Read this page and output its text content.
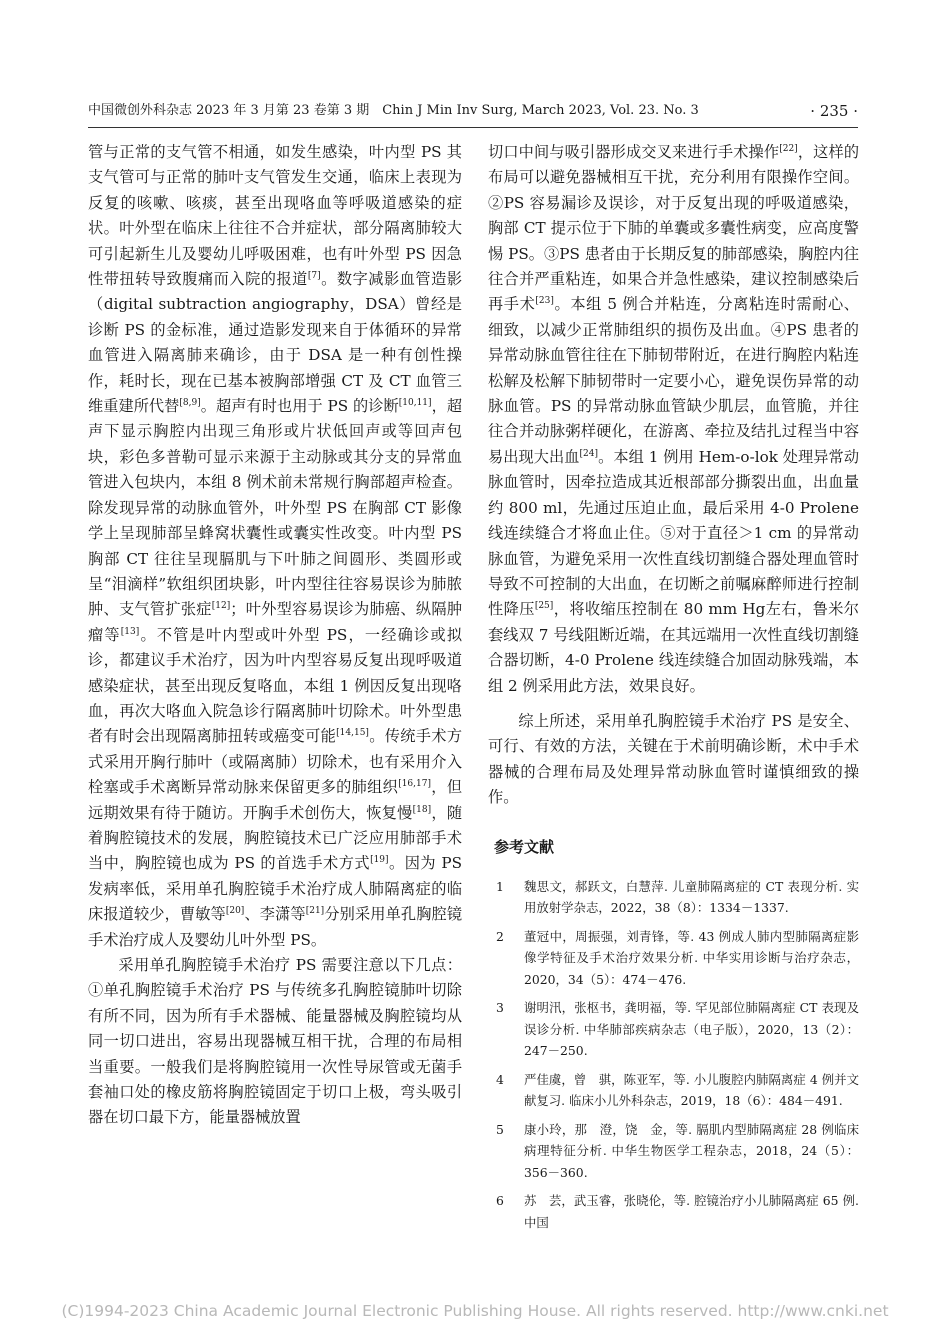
中国微创外科杂志 2023 年 3 月第 23 卷第 3 期　Chin J Min Inv Surg, March 2023, Vol. 23. No. 3	· 235 ·

管与正常的支气管不相通，如发生感染，叶内型 PS 其支气管可与正常的肺叶支气管发生交通，临床上表现为反复的咳嗽、咳痰，甚至出现咯血等呼吸道感染的症状。叶外型在临床上往往不合并症状，部分隔离肺较大可引起新生儿及婴幼儿呼吸困难，也有叶外型 PS 因急性带扭转导致腹痛而入院的报道[7]。数字减影血管造影（digital subtraction angiography，DSA）曾经是诊断 PS 的金标准，通过造影发现来自于体循环的异常血管进入隔离肺来确诊，由于 DSA 是一种有创性操作，耗时长，现在已基本被胸部增强 CT 及 CT 血管三维重建所代替[8,9]。超声有时也用于 PS 的诊断[10,11]，超声下显示胸腔内出现三角形或片状低回声或等回声包块，彩色多普勒可显示来源于主动脉或其分支的异常血管进入包块内，本组 8 例术前未常规行胸部超声检查。除发现异常的动脉血管外，叶外型 PS 在胸部 CT 影像学上呈现肺部呈蜂窝状囊性或囊实性改变。叶内型 PS 胸部 CT 往往呈现膈肌与下叶肺之间圆形、类圆形或呈“泪滴样”软组织团块影，叶内型往往容易误诊为肺脓肿、支气管扩张症[12]；叶外型容易误诊为肺癌、纵隔肿瘤等[13]。不管是叶内型或叶外型 PS，一经确诊或拟诊，都建议手术治疗，因为叶内型容易反复出现呼吸道感染症状，甚至出现反复咯血，本组 1 例因反复出现咯血，再次大咯血入院急诊行隔离肺叶切除术。叶外型患者有时会出现隔离肺扭转或癌变可能[14,15]。传统手术方式采用开胸行肺叶（或隔离肺）切除术，也有采用介入栓塞或手术离断异常动脉来保留更多的肺组织[16,17]，但远期效果有待于随访。开胸手术创伤大，恢复慢[18]，随着胸腔镜技术的发展，胸腔镜技术已广泛应用肺部手术当中，胸腔镜也成为 PS 的首选手术方式[19]。因为 PS 发病率低，采用单孔胸腔镜手术治疗成人肺隔离症的临床报道较少，曹敏等[20]、李潇等[21]分别采用单孔胸腔镜手术治疗成人及婴幼儿叶外型 PS。

采用单孔胸腔镜手术治疗 PS 需要注意以下几点：①单孔胸腔镜手术治疗 PS 与传统多孔胸腔镜肺叶切除有所不同，因为所有手术器械、能量器械及胸腔镜均从同一切口进出，容易出现器械互相干扰，合理的布局相当重要。一般我们是将胸腔镜用一次性导尿管或无菌手套袖口处的橡皮筋将胸腔镜固定于切口上极，弯头吸引器在切口最下方，能量器械放置

切口中间与吸引器形成交叉来进行手术操作[22]，这样的布局可以避免器械相互干扰，充分利用有限操作空间。②PS 容易漏诊及误诊，对于反复出现的呼吸道感染，胸部 CT 提示位于下肺的单囊或多囊性病变，应高度警惕 PS。③PS 患者由于长期反复的肺部感染，胸腔内往往合并严重粘连，如果合并急性感染，建议控制感染后再手术[23]。本组 5 例合并粘连，分离粘连时需耐心、细致，以减少正常肺组织的损伤及出血。④PS 患者的异常动脉血管往往在下肺韧带附近，在进行胸腔内粘连松解及松解下肺韧带时一定要小心，避免误伤异常的动脉血管。PS 的异常动脉血管缺少肌层，血管脆，并往往合并动脉粥样硬化，在游离、牵拉及结扎过程当中容易出现大出血[24]。本组 1 例用 Hem-o-lok 处理异常动脉血管时，因牵拉造成其近根部部分撕裂出血，出血量约 800 ml，先通过压迫止血，最后采用 4-0 Prolene 线连续缝合才将血止住。⑤对于直径＞1 cm 的异常动脉血管，为避免采用一次性直线切割缝合器处理血管时导致不可控制的大出血，在切断之前嘱麻醉师进行控制性降压[25]，将收缩压控制在 80 mm Hg左右，鲁米尔套线双 7 号线阻断近端，在其远端用一次性直线切割缝合器切断，4-0 Prolene 线连续缝合加固动脉残端，本组 2 例采用此方法，效果良好。

综上所述，采用单孔胸腔镜手术治疗 PS 是安全、可行、有效的方法，关键在于术前明确诊断，术中手术器械的合理布局及处理异常动脉血管时谨慎细致的操作。

参考文献
1 魏思文，郝跃文，白慧萍. 儿童肺隔离症的 CT 表现分析. 实用放射学杂志，2022，38（8）：1334－1337.
2 董冠中，周振强，刘青锋，等. 43 例成人肺内型肺隔离症影像学特征及手术治疗效果分析. 中华实用诊断与治疗杂志，2020，34（5）：474－476.
3 谢明汛，张枢书，龚明福，等. 罕见部位肺隔离症 CT 表现及误诊分析. 中华肺部疾病杂志（电子版），2020，13（2）：247－250.
4 严佳虞，曾　骐，陈亚军，等. 小儿腹腔内肺隔离症 4 例并文献复习. 临床小儿外科杂志，2019，18（6）：484－491.
5 康小玲，那　澄，饶　金，等. 膈肌内型肺隔离症 28 例临床病理特征分析. 中华生物医学工程杂志，2018，24（5）：356－360.
6 苏　芸，武玉睿，张晓伦，等. 腔镜治疗小儿肺隔离症 65 例. 中国
(C)1994-2023 China Academic Journal Electronic Publishing House. All rights reserved. http://www.cnki.net
